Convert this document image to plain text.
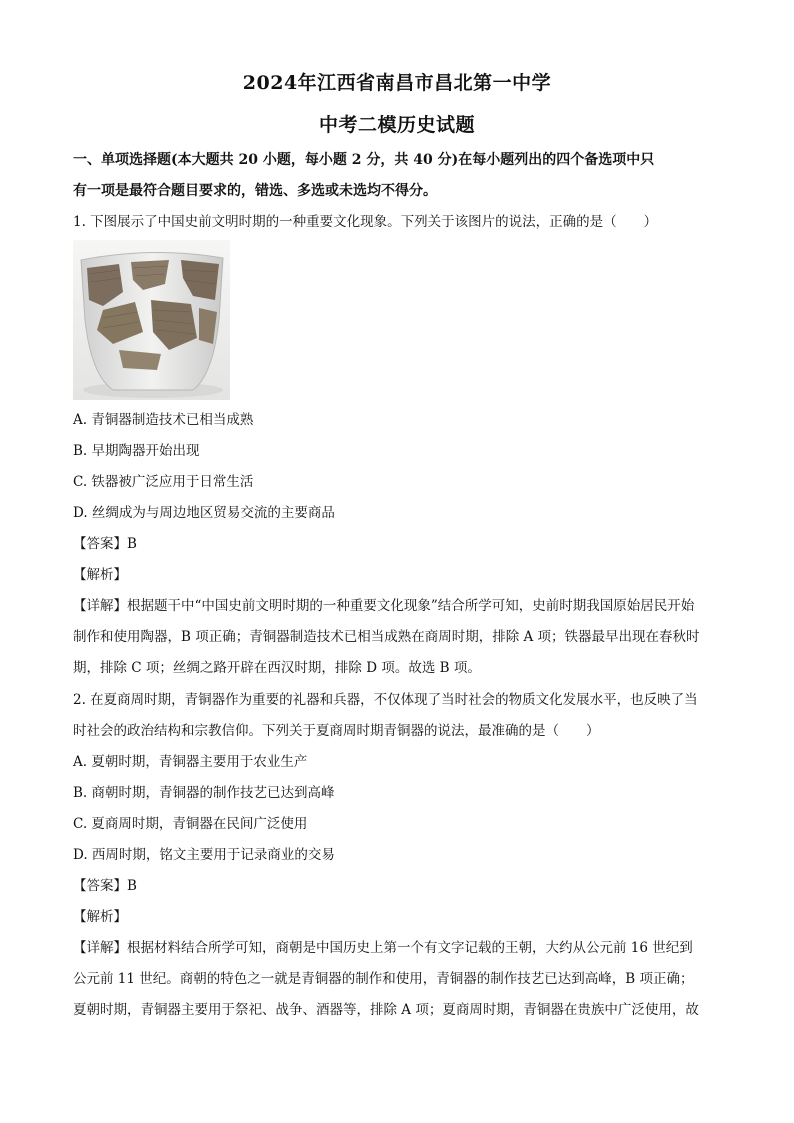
2024年江西省南昌市昌北第一中学
中考二模历史试题
一、单项选择题(本大题共 20 小题，每小题 2 分，共 40 分)在每小题列出的四个备选项中只
有一项是最符合题目要求的，错选、多选或未选均不得分。
1. 下图展示了中国史前文明时期的一种重要文化现象。下列关于该图片的说法，正确的是（　　）
A. 青铜器制造技术已相当成熟
B. 早期陶器开始出现
C. 铁器被广泛应用于日常生活
D. 丝绸成为与周边地区贸易交流的主要商品
【答案】B
【解析】
【详解】根据题干中“中国史前文明时期的一种重要文化现象”结合所学可知，史前时期我国原始居民开始
制作和使用陶器，B 项正确；青铜器制造技术已相当成熟在商周时期，排除 A 项；铁器最早出现在春秋时
期，排除 C 项；丝绸之路开辟在西汉时期，排除 D 项。故选 B 项。
2. 在夏商周时期，青铜器作为重要的礼器和兵器，不仅体现了当时社会的物质文化发展水平，也反映了当
时社会的政治结构和宗教信仰。下列关于夏商周时期青铜器的说法，最准确的是（　　）
A. 夏朝时期，青铜器主要用于农业生产
B. 商朝时期，青铜器的制作技艺已达到高峰
C. 夏商周时期，青铜器在民间广泛使用
D. 西周时期，铭文主要用于记录商业的交易
【答案】B
【解析】
【详解】根据材料结合所学可知，商朝是中国历史上第一个有文字记载的王朝，大约从公元前 16 世纪到
公元前 11 世纪。商朝的特色之一就是青铜器的制作和使用，青铜器的制作技艺已达到高峰，B 项正确；
夏朝时期，青铜器主要用于祭祀、战争、酒器等，排除 A 项；夏商周时期，青铜器在贵族中广泛使用，故
